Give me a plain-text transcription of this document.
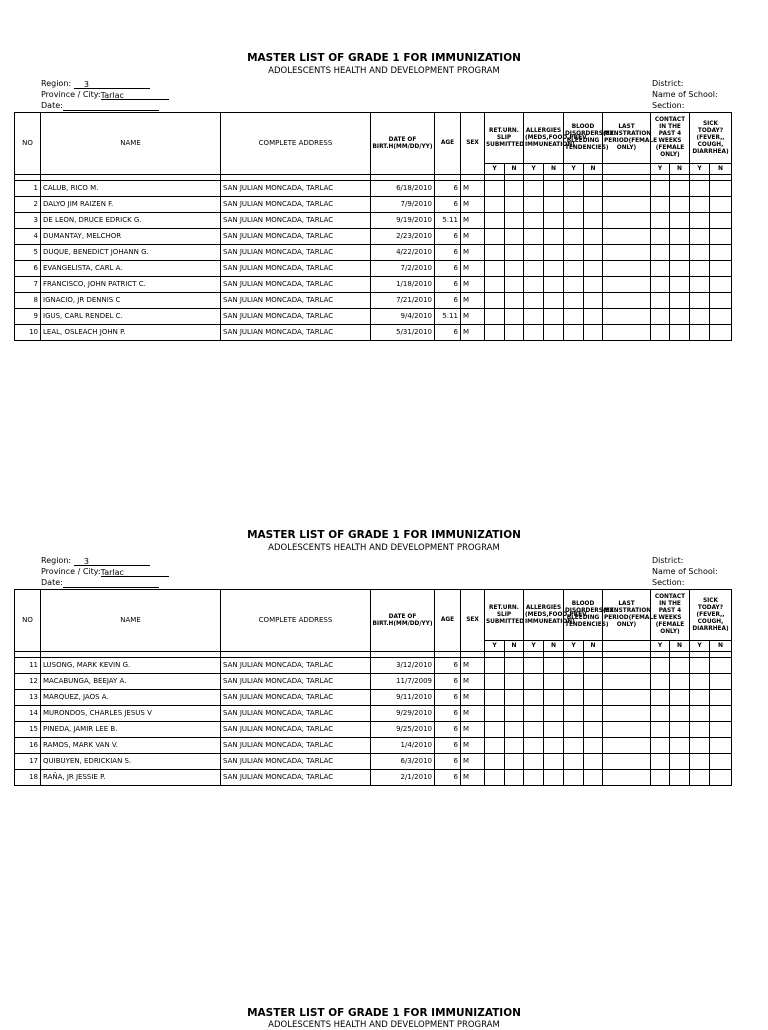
MASTER LIST OF GRADE 1 FOR IMMUNIZATION
ADOLESCENTS HEALTH AND DEVELOPMENT PROGRAM
Region: 3
Province / City:Tarlac
Date:
District:
Name of School:
Section:
NO	NAME	COMPLETE ADDRESS	DATE OF BIRT.H(MM/DD/YY)	AGE	SEX	RET.URN. SLIP SUBMITTED		ALLERGIES (MEDS,FOOD,PREV. IMMUNEATION)		BLOOD DISORDERS(EX. BLEEDING TENDENCIES)		LAST MENSTRATION PERIOD(FEMALE ONLY)	CONTACT IN THE PAST 4 WEEKS (FEMALE ONLY)		SICK TODAY? (FEVER,, COUGH, DIARRHEA)	
						Y	N	Y	N	Y	N		Y	N	Y	N

1	CALUB, RICO M.	SAN JULIAN MONCADA, TARLAC	6/18/2010	6	M											
2	DALYO JIM RAIZEN F.	SAN JULIAN MONCADA, TARLAC	7/9/2010	6	M											
3	DE LEON, DRUCE EDRICK G.	SAN JULIAN MONCADA, TARLAC	9/19/2010	5.11	M											
4	DUMANTAY, MELCHOR	SAN JULIAN MONCADA, TARLAC	2/23/2010	6	M											
5	DUQUE, BENEDICT JOHANN G.	SAN JULIAN MONCADA, TARLAC	4/22/2010	6	M											
6	EVANGELISTA, CARL A.	SAN JULIAN MONCADA, TARLAC	7/2/2010	6	M											
7	FRANCISCO, JOHN PATRICT C.	SAN JULIAN MONCADA, TARLAC	1/18/2010	6	M											
8	IGNACIO, JR DENNIS C	SAN JULIAN MONCADA, TARLAC	7/21/2010	6	M											
9	IGUS, CARL RENDEL C.	SAN JULIAN MONCADA, TARLAC	9/4/2010	5.11	M											
10	LEAL, OSLEACH JOHN P.	SAN JULIAN MONCADA, TARLAC	5/31/2010	6	M											
MASTER LIST OF GRADE 1 FOR IMMUNIZATION
ADOLESCENTS HEALTH AND DEVELOPMENT PROGRAM
Region: 3
Province / City:Tarlac
Date:
District:
Name of School:
Section:
NO	NAME	COMPLETE ADDRESS	DATE OF BIRT.H(MM/DD/YY)	AGE	SEX	RET.URN. SLIP SUBMITTED		ALLERGIES (MEDS,FOOD,PREV. IMMUNEATION)		BLOOD DISORDERS(EX. BLEEDING TENDENCIES)		LAST MENSTRATION PERIOD(FEMALE ONLY)	CONTACT IN THE PAST 4 WEEKS (FEMALE ONLY)		SICK TODAY? (FEVER,, COUGH, DIARRHEA)	
						Y	N	Y	N	Y	N		Y	N	Y	N

11	LUSONG, MARK KEVIN G.	SAN JULIAN MONCADA, TARLAC	3/12/2010	6	M											
12	MACABUNGA, BEEJAY A.	SAN JULIAN MONCADA, TARLAC	11/7/2009	6	M											
13	MARQUEZ, JAOS A.	SAN JULIAN MONCADA, TARLAC	9/11/2010	6	M											
14	MURONDOS, CHARLES JESUS V	SAN JULIAN MONCADA, TARLAC	9/29/2010	6	M											
15	PINEDA, JAMIR LEE B.	SAN JULIAN MONCADA, TARLAC	9/25/2010	6	M											
16	RAMOS, MARK VAN V.	SAN JULIAN MONCADA, TARLAC	1/4/2010	6	M											
17	QUIBUYEN, EDRICKIAN S.	SAN JULIAN MONCADA, TARLAC	6/3/2010	6	M											
18	RAÑA, JR JESSIE P.	SAN JULIAN MONCADA, TARLAC	2/1/2010	6	M											
MASTER LIST OF GRADE 1 FOR IMMUNIZATION
ADOLESCENTS HEALTH AND DEVELOPMENT PROGRAM
